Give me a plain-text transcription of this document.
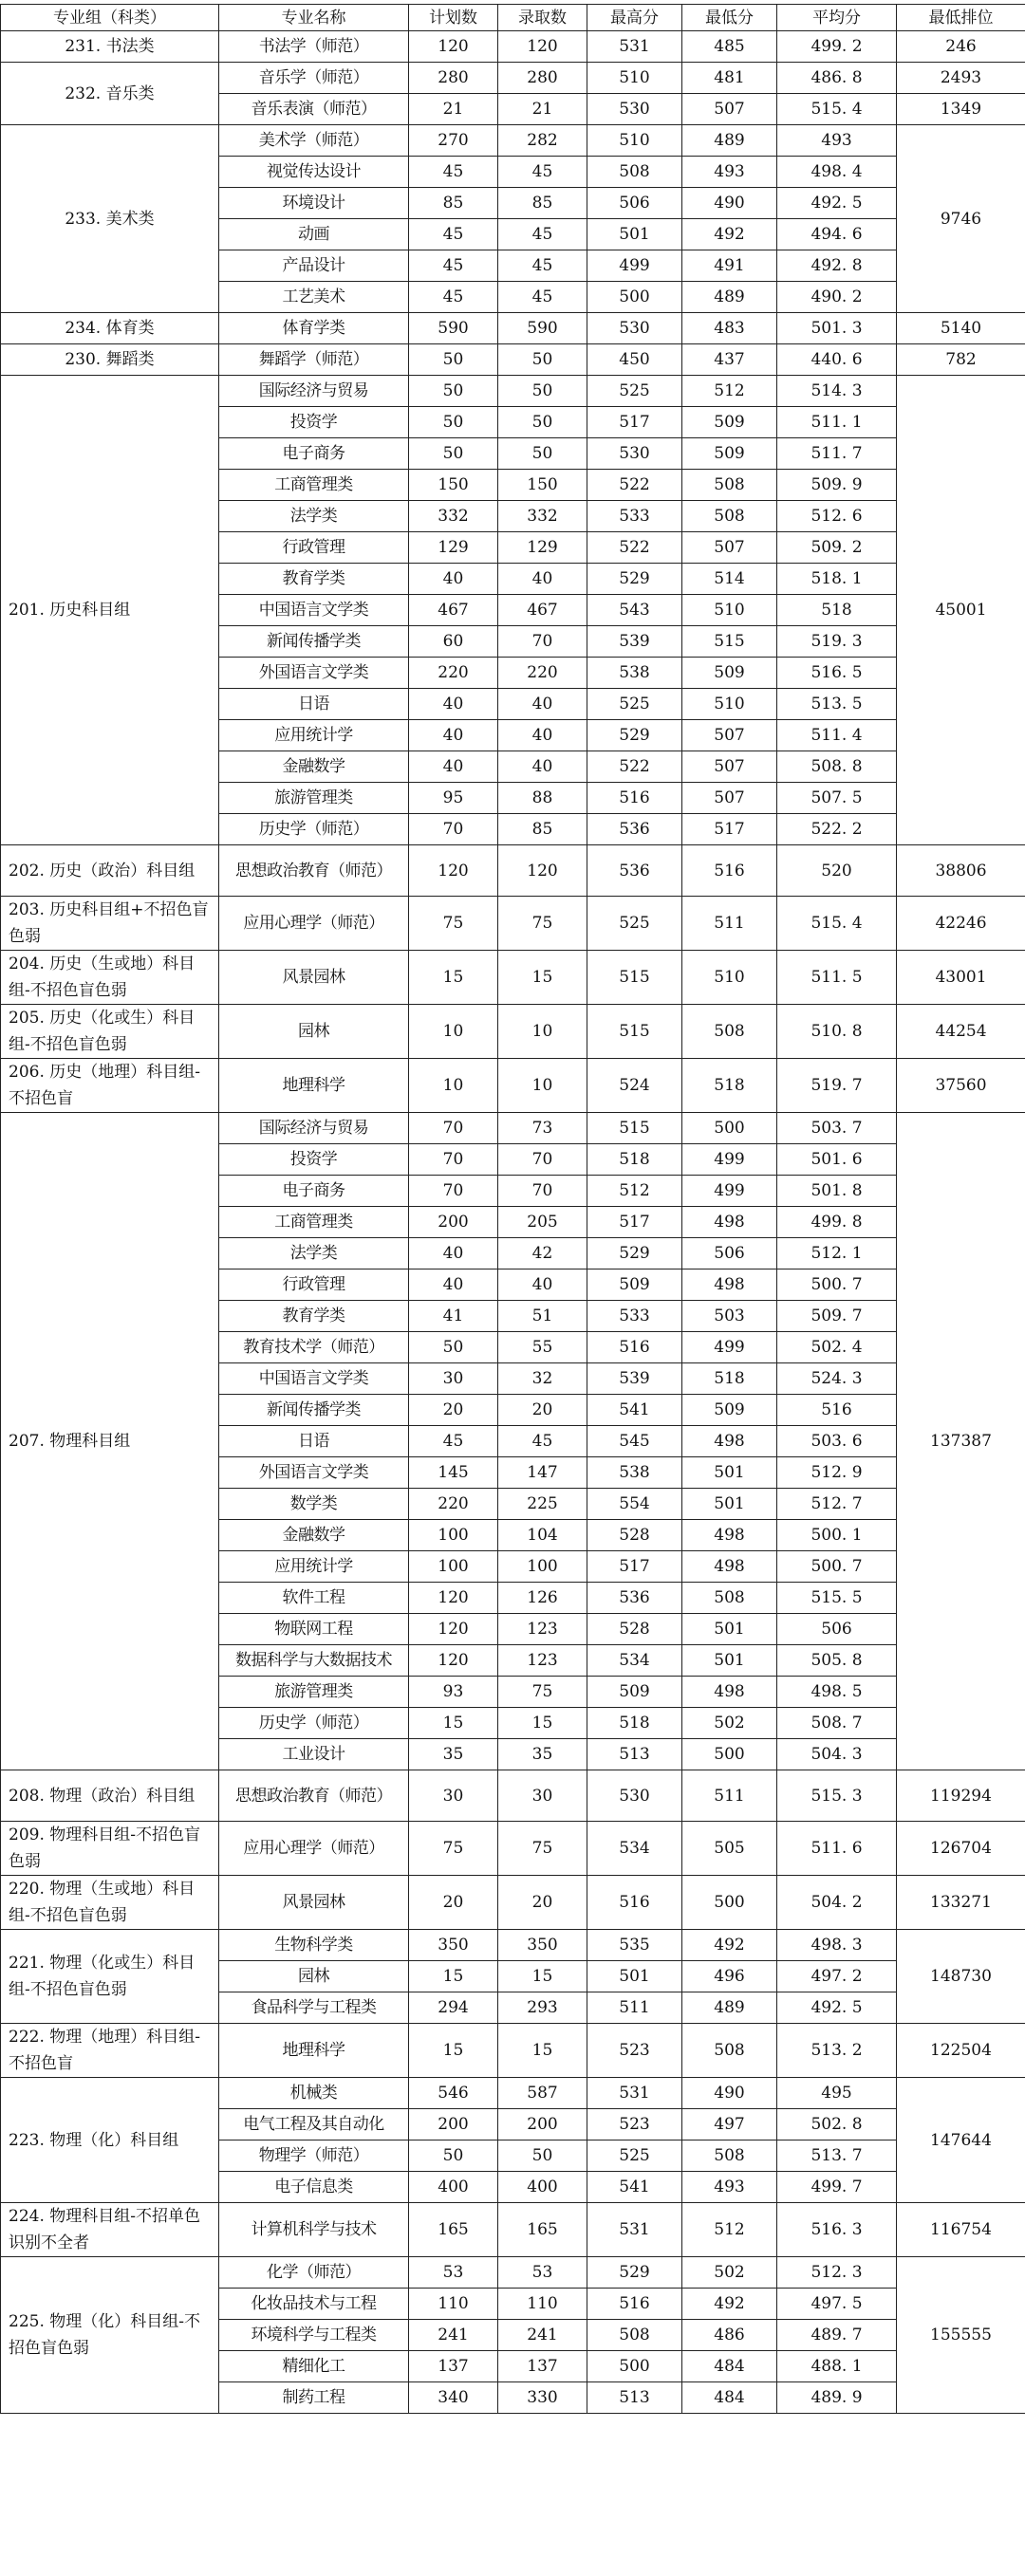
专业组（科类）	专业名称	计划数	录取数	最高分	最低分	平均分	最低排位
231. 书法类	书法学（师范）	120	120	531	485	499. 2	246
232. 音乐类	音乐学（师范）	280	280	510	481	486. 8	2493
	音乐表演（师范）	21	21	530	507	515. 4	1349
233. 美术类	美术学（师范）	270	282	510	489	493	9746
	视觉传达设计	45	45	508	493	498. 4	
	环境设计	85	85	506	490	492. 5	
	动画	45	45	501	492	494. 6	
	产品设计	45	45	499	491	492. 8	
	工艺美术	45	45	500	489	490. 2	
234. 体育类	体育学类	590	590	530	483	501. 3	5140
230. 舞蹈类	舞蹈学（师范）	50	50	450	437	440. 6	782
201. 历史科目组	国际经济与贸易	50	50	525	512	514. 3	45001
	投资学	50	50	517	509	511. 1	
	电子商务	50	50	530	509	511. 7	
	工商管理类	150	150	522	508	509. 9	
	法学类	332	332	533	508	512. 6	
	行政管理	129	129	522	507	509. 2	
	教育学类	40	40	529	514	518. 1	
	中国语言文学类	467	467	543	510	518	
	新闻传播学类	60	70	539	515	519. 3	
	外国语言文学类	220	220	538	509	516. 5	
	日语	40	40	525	510	513. 5	
	应用统计学	40	40	529	507	511. 4	
	金融数学	40	40	522	507	508. 8	
	旅游管理类	95	88	516	507	507. 5	
	历史学（师范）	70	85	536	517	522. 2	
202. 历史（政治）科目组	思想政治教育（师范）	120	120	536	516	520	38806
203. 历史科目组+不招色盲色弱	应用心理学（师范）	75	75	525	511	515. 4	42246
204. 历史（生或地）科目组-不招色盲色弱	风景园林	15	15	515	510	511. 5	43001
205. 历史（化或生）科目组-不招色盲色弱	园林	10	10	515	508	510. 8	44254
206. 历史（地理）科目组-不招色盲	地理科学	10	10	524	518	519. 7	37560
207. 物理科目组	国际经济与贸易	70	73	515	500	503. 7	137387
	投资学	70	70	518	499	501. 6	
	电子商务	70	70	512	499	501. 8	
	工商管理类	200	205	517	498	499. 8	
	法学类	40	42	529	506	512. 1	
	行政管理	40	40	509	498	500. 7	
	教育学类	41	51	533	503	509. 7	
	教育技术学（师范）	50	55	516	499	502. 4	
	中国语言文学类	30	32	539	518	524. 3	
	新闻传播学类	20	20	541	509	516	
	日语	45	45	545	498	503. 6	
	外国语言文学类	145	147	538	501	512. 9	
	数学类	220	225	554	501	512. 7	
	金融数学	100	104	528	498	500. 1	
	应用统计学	100	100	517	498	500. 7	
	软件工程	120	126	536	508	515. 5	
	物联网工程	120	123	528	501	506	
	数据科学与大数据技术	120	123	534	501	505. 8	
	旅游管理类	93	75	509	498	498. 5	
	历史学（师范）	15	15	518	502	508. 7	
	工业设计	35	35	513	500	504. 3	
208. 物理（政治）科目组	思想政治教育（师范）	30	30	530	511	515. 3	119294
209. 物理科目组-不招色盲色弱	应用心理学（师范）	75	75	534	505	511. 6	126704
220. 物理（生或地）科目组-不招色盲色弱	风景园林	20	20	516	500	504. 2	133271
221. 物理（化或生）科目组-不招色盲色弱	生物科学类	350	350	535	492	498. 3	148730
	园林	15	15	501	496	497. 2	
	食品科学与工程类	294	293	511	489	492. 5	
222. 物理（地理）科目组-不招色盲	地理科学	15	15	523	508	513. 2	122504
223. 物理（化）科目组	机械类	546	587	531	490	495	147644
	电气工程及其自动化	200	200	523	497	502. 8	
	物理学（师范）	50	50	525	508	513. 7	
	电子信息类	400	400	541	493	499. 7	
224. 物理科目组-不招单色识别不全者	计算机科学与技术	165	165	531	512	516. 3	116754
225. 物理（化）科目组-不招色盲色弱	化学（师范）	53	53	529	502	512. 3	155555
	化妆品技术与工程	110	110	516	492	497. 5	
	环境科学与工程类	241	241	508	486	489. 7	
	精细化工	137	137	500	484	488. 1	
	制药工程	340	330	513	484	489. 9	
